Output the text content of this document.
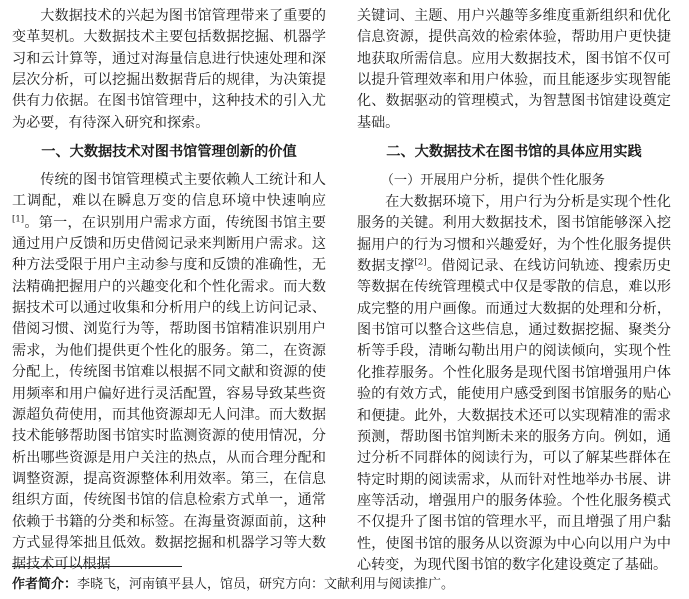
大数据技术的兴起为图书馆管理带来了重要的变革契机。大数据技术主要包括数据挖掘、机器学习和云计算等，通过对海量信息进行快速处理和深层次分析，可以挖掘出数据背后的规律，为决策提供有力依据。在图书馆管理中，这种技术的引入尤为必要，有待深入研究和探索。

一、大数据技术对图书馆管理创新的价值

传统的图书馆管理模式主要依赖人工统计和人工调配，难以在瞬息万变的信息环境中快速响应[1]。第一，在识别用户需求方面，传统图书馆主要通过用户反馈和历史借阅记录来判断用户需求。这种方法受限于用户主动参与度和反馈的准确性，无法精确把握用户的兴趣变化和个性化需求。而大数据技术可以通过收集和分析用户的线上访问记录、借阅习惯、浏览行为等，帮助图书馆精准识别用户需求，为他们提供更个性化的服务。第二，在资源分配上，传统图书馆难以根据不同文献和资源的使用频率和用户偏好进行灵活配置，容易导致某些资源超负荷使用，而其他资源却无人问津。而大数据技术能够帮助图书馆实时监测资源的使用情况，分析出哪些资源是用户关注的热点，从而合理分配和调整资源，提高资源整体利用效率。第三，在信息组织方面，传统图书馆的信息检索方式单一，通常依赖于书籍的分类和标签。在海量资源面前，这种方式显得笨拙且低效。数据挖掘和机器学习等大数据技术可以根据

关键词、主题、用户兴趣等多维度重新组织和优化信息资源，提供高效的检索体验，帮助用户更快捷地获取所需信息。应用大数据技术，图书馆不仅可以提升管理效率和用户体验，而且能逐步实现智能化、数据驱动的管理模式，为智慧图书馆建设奠定基础。

二、大数据技术在图书馆的具体应用实践
（一）开展用户分析，提供个性化服务

在大数据环境下，用户行为分析是实现个性化服务的关键。利用大数据技术，图书馆能够深入挖掘用户的行为习惯和兴趣爱好，为个性化服务提供数据支撑[2]。借阅记录、在线访问轨迹、搜索历史等数据在传统管理模式中仅是零散的信息，难以形成完整的用户画像。而通过大数据的处理和分析，图书馆可以整合这些信息，通过数据挖掘、聚类分析等手段，清晰勾勒出用户的阅读倾向，实现个性化推荐服务。个性化服务是现代图书馆增强用户体验的有效方式，能使用户感受到图书馆服务的贴心和便捷。此外，大数据技术还可以实现精准的需求预测，帮助图书馆判断未来的服务方向。例如，通过分析不同群体的阅读行为，可以了解某些群体在特定时期的阅读需求，从而针对性地举办书展、讲座等活动，增强用户的服务体验。个性化服务模式不仅提升了图书馆的管理水平，而且增强了用户黏性，使图书馆的服务从以资源为中心向以用户为中心转变，为现代图书馆的数字化建设奠定了基础。

作者简介：李晓飞，河南镇平县人，馆员，研究方向：文献利用与阅读推广。
